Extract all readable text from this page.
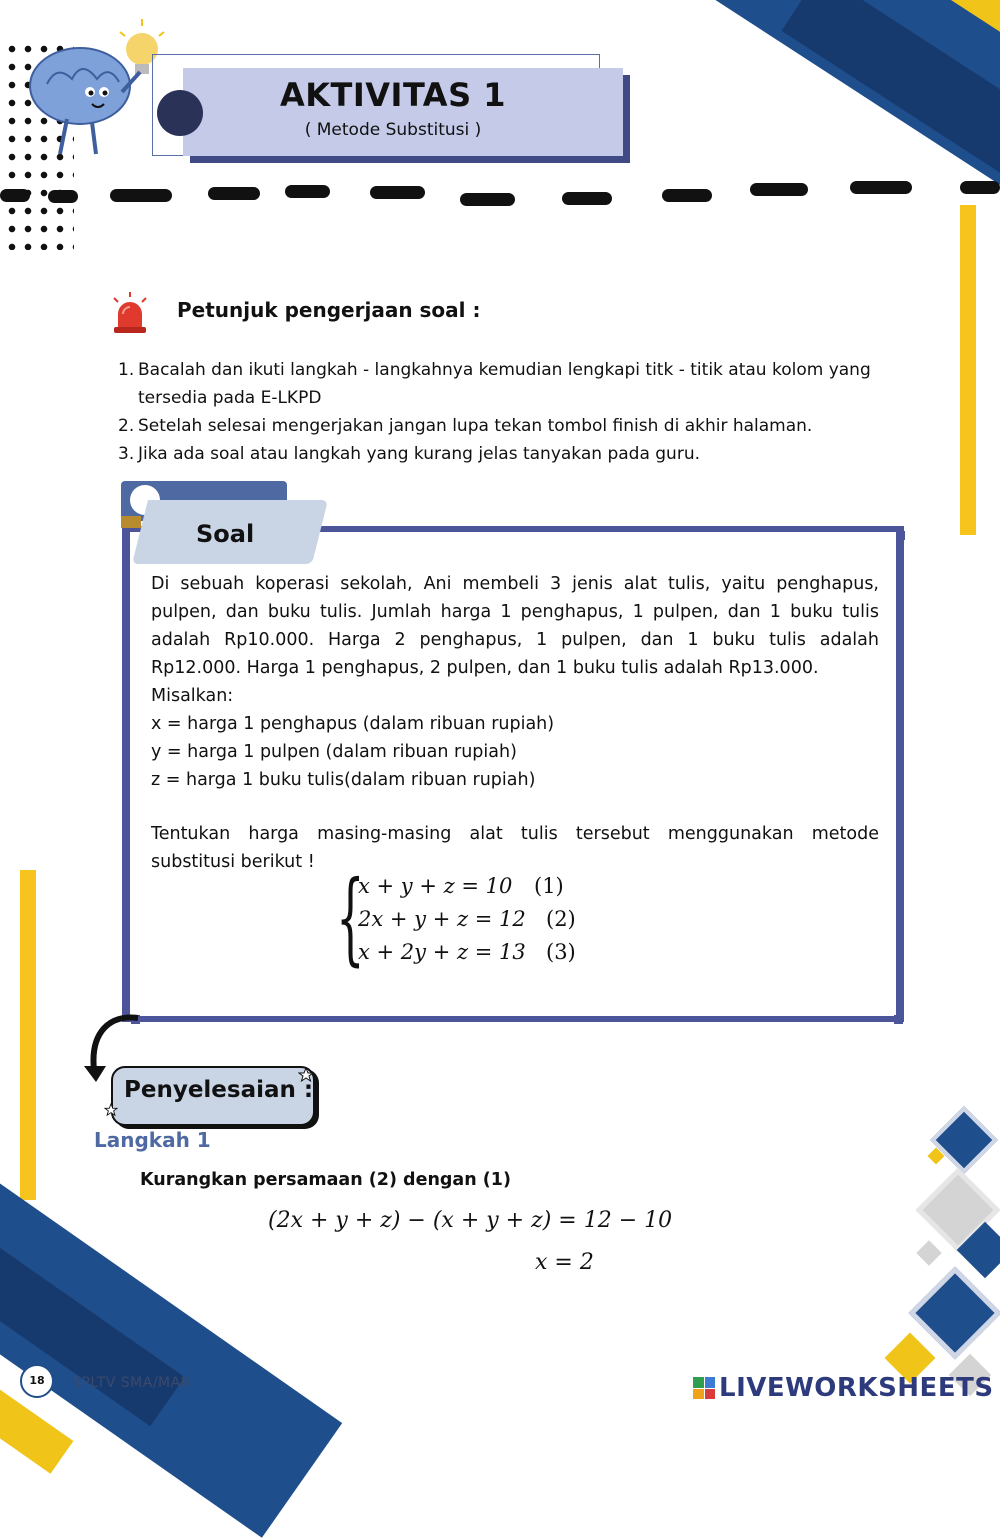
AKTIVITAS 1
( Metode Substitusi )
Petunjuk pengerjaan soal :
1. Bacalah dan ikuti langkah - langkahnya kemudian lengkapi titk - titik atau kolom yang tersedia pada E-LKPD
2. Setelah selesai mengerjakan jangan lupa tekan tombol finish di akhir halaman.
3. Jika ada soal atau langkah yang kurang jelas tanyakan pada guru.
Soal

Di sebuah koperasi sekolah, Ani membeli 3 jenis alat tulis, yaitu penghapus, pulpen, dan buku tulis. Jumlah harga 1 penghapus, 1 pulpen, dan 1 buku tulis adalah Rp10.000. Harga 2 penghapus, 1 pulpen, dan 1 buku tulis adalah Rp12.000. Harga 1 penghapus, 2 pulpen, dan 1 buku tulis adalah Rp13.000.

Misalkan:

x = harga 1 penghapus (dalam ribuan rupiah)

y = harga 1 pulpen (dalam ribuan rupiah)

z = harga 1 buku tulis(dalam ribuan rupiah)

Tentukan harga masing-masing alat tulis tersebut menggunakan metode substitusi berikut ! {
x + y + z = 10	(1)
2x + y + z = 12 (2)
x + 2y + z = 13 (3)
Penyelesaian :
Langkah 1
Kurangkan persamaan (2) dengan (1)
(2x + y + z) − (x + y + z) = 12 − 10
x = 2
18	SPLTV SMA/MAN	LIVEWORKSHEETS
